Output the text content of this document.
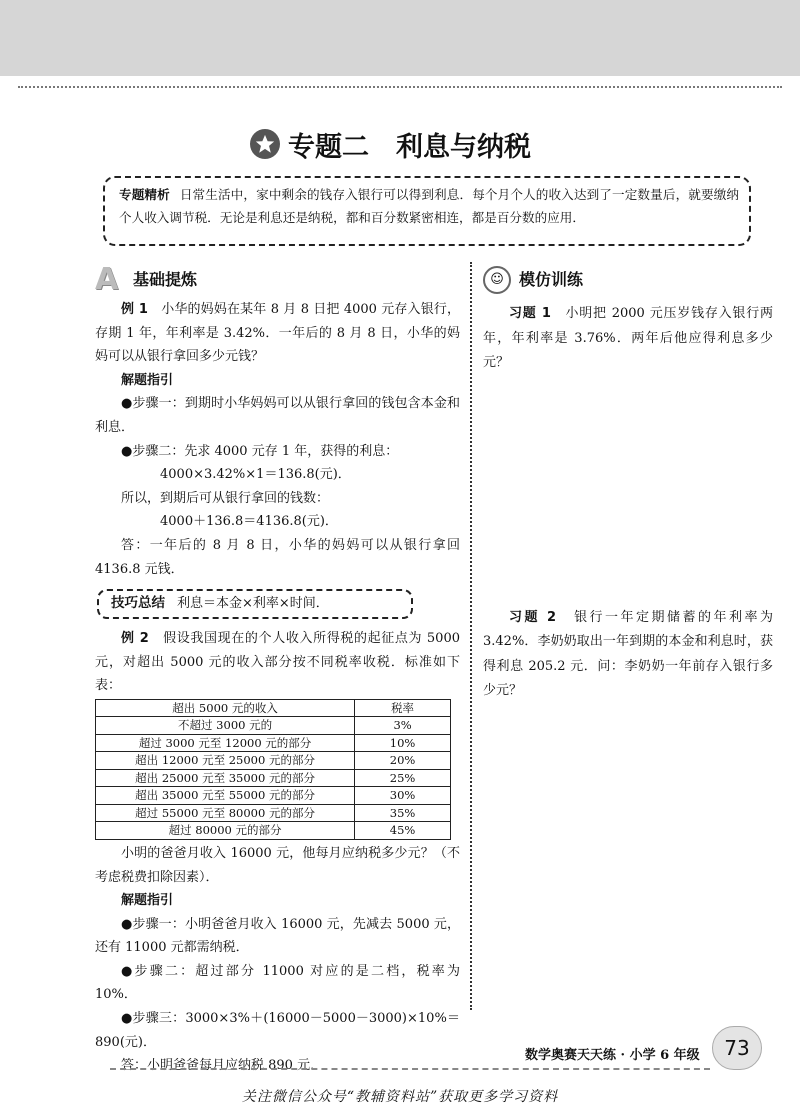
专题二　利息与纳税
专题精析 日常生活中，家中剩余的钱存入银行可以得到利息．每个月个人的收入达到了一定数量后，就要缴纳个人收入调节税．无论是利息还是纳税，都和百分数紧密相连，都是百分数的应用．
A 基础提炼

例 1　 小华的妈妈在某年 8 月 8 日把 4000 元存入银行，存期 1 年，年利率是 3.42%．一年后的 8 月 8 日，小华的妈妈可以从银行拿回多少元钱？

解题指引

●步骤一：到期时小华妈妈可以从银行拿回的钱包含本金和利息．

●步骤二：先求 4000 元存 1 年，获得的利息：

4000×3.42%×1＝136.8(元)．

所以，到期后可从银行拿回的钱数：

4000＋136.8＝4136.8(元)．

答：一年后的 8 月 8 日，小华的妈妈可以从银行拿回 4136.8 元钱．

技巧总结 利息＝本金×利率×时间．

例 2　 假设我国现在的个人收入所得税的起征点为 5000 元，对超出 5000 元的收入部分按不同税率收税．标准如下表：

超出 5000 元的收入	税率
不超过 3000 元的	3%
超过 3000 元至 12000 元的部分	10%
超出 12000 元至 25000 元的部分	20%
超出 25000 元至 35000 元的部分	25%
超出 35000 元至 55000 元的部分	30%
超过 55000 元至 80000 元的部分	35%
超过 80000 元的部分	45%

小明的爸爸月收入 16000 元，他每月应纳税多少元？（不考虑税费扣除因素）．

解题指引

●步骤一：小明爸爸月收入 16000 元，先减去 5000 元，还有 11000 元都需纳税．

●步骤二：超过部分 11000 对应的是二档，税率为 10%．

●步骤三：3000×3%＋(16000－5000－3000)×10%＝890(元)．

答：小明爸爸每月应纳税 890 元．

☺ 模仿训练

习题 1　 小明把 2000 元压岁钱存入银行两年，年利率是 3.76%．两年后他应得利息多少元？

习题 2　 银行一年定期储蓄的年利率为 3.42%．李奶奶取出一年到期的本金和利息时，获得利息 205.2 元．问：李奶奶一年前存入银行多少元？

数学奥赛天天练 · 小学 6 年级	73
关注微信公众号“教辅资料站”获取更多学习资料
